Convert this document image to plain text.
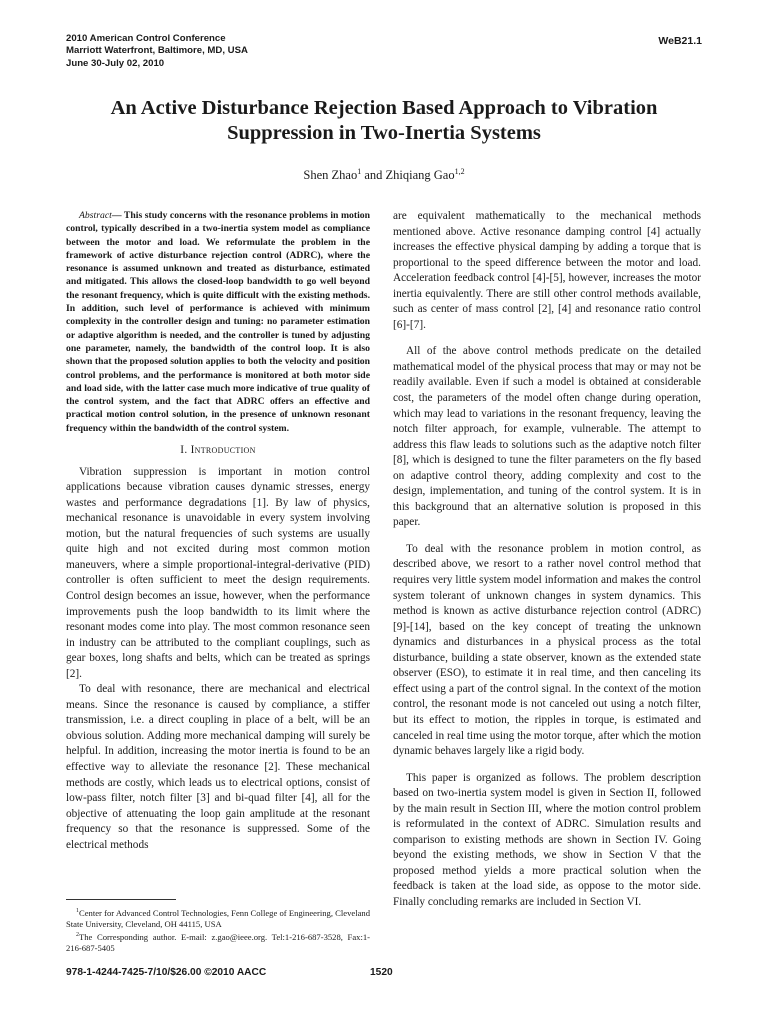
2010 American Control Conference
Marriott Waterfront, Baltimore, MD, USA
June 30-July 02, 2010
WeB21.1
An Active Disturbance Rejection Based Approach to Vibration
Suppression in Two-Inertia Systems
Shen Zhao$^1$ and Zhiqiang Gao$^{1,2}$

Abstract— This study concerns with the resonance problems in motion control, typically described in a two-inertia system model as compliance between the motor and load. We reformulate the problem in the framework of active disturbance rejection control (ADRC), where the resonance is assumed unknown and treated as disturbance, estimated and mitigated. This allows the closed-loop bandwidth to go well beyond the resonant frequency, which is quite difficult with the existing methods. In addition, such level of performance is achieved with minimum complexity in the controller design and tuning: no parameter estimation or adaptive algorithm is needed, and the controller is tuned by adjusting one parameter, namely, the bandwidth of the control loop. It is also shown that the proposed solution applies to both the velocity and position control problems, and the performance is monitored at both motor side and load side, with the latter case much more indicative of true quality of the control system, and the fact that ADRC offers an effective and practical motion control solution, in the presence of unknown resonant frequency within the bandwidth of the control system.

I. Introduction

Vibration suppression is important in motion control applications because vibration causes dynamic stresses, energy wastes and performance degradations [1]. By law of physics, mechanical resonance is unavoidable in every system involving motion, but the natural frequencies of such systems are usually quite high and not excited during most common motion maneuvers, where a simple proportional-integral-derivative (PID) controller is often sufficient to meet the design requirements. Control design becomes an issue, however, when the performance improvements push the loop bandwidth to its limit where the resonant modes come into play. The most common resonance seen in industry can be attributed to the compliant couplings, such as gear boxes, long shafts and belts, which can be treated as springs [2].

To deal with resonance, there are mechanical and electrical means. Since the resonance is caused by compliance, a stiffer transmission, i.e. a direct coupling in place of a belt, will be an obvious solution. Adding more mechanical damping will surely be helpful. In addition, increasing the motor inertia is found to be an effective way to alleviate the resonance [2]. These mechanical methods are costly, which leads us to electrical options, consist of low-pass filter, notch filter [3] and bi-quad filter [4], all for the objective of attenuating the loop gain amplitude at the resonant frequency so that the resonance is suppressed. Some of the electrical methods

$^1$Center for Advanced Control Technologies, Fenn College of Engineering, Cleveland State University, Cleveland, OH 44115, USA

$^2$The Corresponding author. E-mail: z.gao@ieee.org. Tel:1-216-687-3528, Fax:1-216-687-5405

are equivalent mathematically to the mechanical methods mentioned above. Active resonance damping control [4] actually increases the effective physical damping by adding a torque that is proportional to the speed difference between the motor and load. Acceleration feedback control [4]-[5], however, increases the motor inertia equivalently. There are still other control methods available, such as center of mass control [2], [4] and resonance ratio control [6]-[7].

All of the above control methods predicate on the detailed mathematical model of the physical process that may or may not be readily available. Even if such a model is obtained at considerable cost, the parameters of the model often change during operation, which may lead to variations in the resonant frequency, leaving the notch filter approach, for example, vulnerable. The attempt to address this flaw leads to solutions such as the adaptive notch filter [8], which is designed to tune the filter parameters on the fly based on adaptive control theory, adding complexity and cost to the design, implementation, and tuning of the control system. It is in this background that an alternative solution is proposed in this paper.

To deal with the resonance problem in motion control, as described above, we resort to a rather novel control method that requires very little system model information and makes the control system tolerant of unknown changes in system dynamics. This method is known as active disturbance rejection control (ADRC) [9]-[14], based on the key concept of treating the unknown dynamics and disturbances in a physical process as the total disturbance, building a state observer, known as the extended state observer (ESO), to estimate it in real time, and then canceling its effect using a part of the control signal. In the context of the motion control, the resonant mode is not canceled out using a notch filter, but its effect to motion, the ripples in torque, is estimated and canceled in real time using the motor torque, after which the motion dynamic behaves largely like a rigid body.

This paper is organized as follows. The problem description based on two-inertia system model is given in Section II, followed by the main result in Section III, where the motion control problem is reformulated in the context of ADRC. Simulation results and comparison to existing methods are shown in Section IV. Going beyond the existing methods, we show in Section V that the proposed method yields a more practical solution when the feedback is taken at the load side, as oppose to the motor side. Finally concluding remarks are included in Section VI.

978-1-4244-7425-7/10/$26.00 ©2010 AACC	1520
